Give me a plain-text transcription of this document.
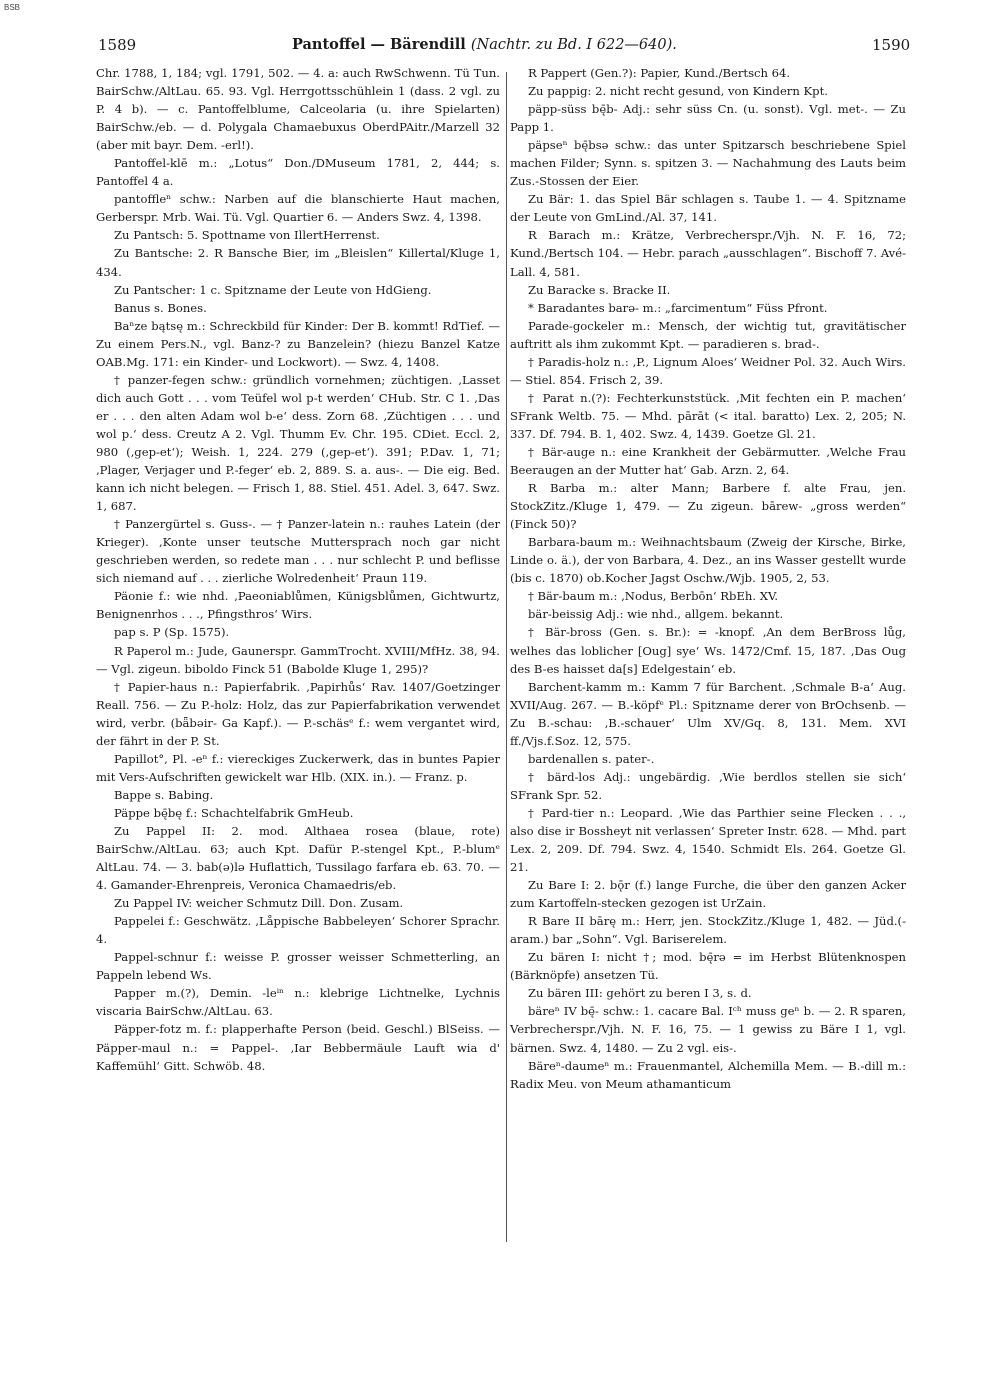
BSB
1589	Pantoffel — Bärendill (Nachtr. zu Bd. I 622—640).	1590

Chr. 1788, 1, 184; vgl. 1791, 502. — 4. a: auch RwSchwenn. Tü Tun. BairSchw./AltLau. 65. 93. Vgl. Herrgottsschühlein 1 (dass. 2 vgl. zu P. 4 b). — c. Pantoffelblume, Calceolaria (u. ihre Spielarten) BairSchw./eb. — d. Polygala Chamaebuxus OberdPAitr./Marzell 32 (aber mit bayr. Dem. -erl!).

Pantoffel-klē m.: „Lotus“ Don./DMuseum 1781, 2, 444; s. Pantoffel 4 a.

pantoffleⁿ schw.: Narben auf die blanschierte Haut machen, Gerberspr. Mrb. Wai. Tü. Vgl. Quartier 6. — Anders Swz. 4, 1398.

Zu Pantsch: 5. Spottname von IllertHerrenst.

Zu Bantsche: 2. R Bansche Bier, im „Bleislen“ Killertal/Kluge 1, 434.

Zu Pantscher: 1 c. Spitzname der Leute von HdGieng.

Banus s. Bones.

Baⁿze bątsę m.: Schreckbild für Kinder: Der B. kommt! RdTief. — Zu einem Pers.N., vgl. Banz-? zu Banzelein? (hiezu Banzel Katze OAB.Mg. 171: ein Kinder- und Lockwort). — Swz. 4, 1408.

† panzer-fegen schw.: gründlich vornehmen; züchtigen. ‚Lasset dich auch Gott . . . vom Teüfel wol p-t werden‘ CHub. Str. C 1. ‚Das er . . . den alten Adam wol b-e‘ dess. Zorn 68. ‚Züchtigen . . . und wol p.‘ dess. Creutz A 2. Vgl. Thumm Ev. Chr. 195. CDiet. Eccl. 2, 980 (‚gep-et‘); Weish. 1, 224. 279 (‚gep-et‘). 391; P.Dav. 1, 71; ‚Plager, Verjager und P.-feger‘ eb. 2, 889. S. a. aus-. — Die eig. Bed. kann ich nicht belegen. — Frisch 1, 88. Stiel. 451. Adel. 3, 647. Swz. 1, 687.

† Panzergürtel s. Guss-. — † Panzer-latein n.: rauhes Latein (der Krieger). ‚Konte unser teutsche Muttersprach noch gar nicht geschrieben werden, so redete man . . . nur schlecht P. und beflisse sich niemand auf . . . zierliche Wolredenheit‘ Praun 119.

Päonie f.: wie nhd. ‚Paeoniablůmen, Künigsblůmen, Gichtwurtz, Benignenrhos . . ., Pfingsthros‘ Wirs.

pap s. P (Sp. 1575).

R Paperol m.: Jude, Gaunerspr. GammTrocht. XVIII/MfHz. 38, 94. — Vgl. zigeun. biboldo Finck 51 (Babolde Kluge 1, 295)?

† Papier-haus n.: Papierfabrik. ‚Papirhůs‘ Rav. 1407/Goetzinger Reall. 756. — Zu P.-holz: Holz, das zur Papierfabrikation verwendet wird, verbr. (bǟbəir- Ga Kapf.). — P.-schäsᵉ f.: wem vergantet wird, der fährt in der P. St.

Papillot°, Pl. -eⁿ f.: viereckiges Zuckerwerk, das in buntes Papier mit Vers-Aufschriften gewickelt war Hlb. (XIX. in.). — Franz. p.

Bappe s. Babing.

Päppe bę̄bę f.: Schachtelfabrik GmHeub.

Zu Pappel II: 2. mod. Althaea rosea (blaue, rote) BairSchw./AltLau. 63; auch Kpt. Dafür P.-stengel Kpt., P.-blumᵉ AltLau. 74. — 3. bab(ə)lə Huflattich, Tussilago farfara eb. 63. 70. — 4. Gamander-Ehrenpreis, Veronica Chamaedris/eb.

Zu Pappel IV: weicher Schmutz Dill. Don. Zusam.

Pappelei f.: Geschwätz. ‚Låppische Babbeleyen‘ Schorer Sprachr. 4.

Pappel-schnur f.: weisse P. grosser weisser Schmetterling, an Pappeln lebend Ws.

Papper m.(?), Demin. -leⁱⁿ n.: klebrige Lichtnelke, Lychnis viscaria BairSchw./AltLau. 63.

Päpper-fotz m. f.: plapperhafte Person (beid. Geschl.) BlSeiss. — Päpper-maul n.: = Pappel-. ‚Iar Bebbermäule Lauft wia d' Kaffemühl‘ Gitt. Schwöb. 48.

R Pappert (Gen.?): Papier, Kund./Bertsch 64.

Zu pappig: 2. nicht recht gesund, von Kindern Kpt.

päpp-süss bę̄b- Adj.: sehr süss Cn. (u. sonst). Vgl. met-. — Zu Papp 1.

päpseⁿ bę̄bsə schw.: das unter Spitzarsch beschriebene Spiel machen Filder; Synn. s. spitzen 3. — Nachahmung des Lauts beim Zus.-Stossen der Eier.

Zu Bär: 1. das Spiel Bär schlagen s. Taube 1. — 4. Spitzname der Leute von GmLind./Al. 37, 141.

R Barach m.: Krätze, Verbrecherspr./Vjh. N. F. 16, 72; Kund./Bertsch 104. — Hebr. parach „ausschlagen“. Bischoff 7. Avé-Lall. 4, 581.

Zu Baracke s. Bracke II.

* Baradantes barə- m.: „farcimentum“ Füss Pfront.

Parade-gockeler m.: Mensch, der wichtig tut, gravitätischer auftritt als ihm zukommt Kpt. — paradieren s. brad-.

† Paradis-holz n.: ‚P., Lignum Aloes‘ Weidner Pol. 32. Auch Wirs. — Stiel. 854. Frisch 2, 39.

† Parat n.(?): Fechterkunststück. ‚Mit fechten ein P. machen‘ SFrank Weltb. 75. — Mhd. pārāt (< ital. baratto) Lex. 2, 205; N. 337. Df. 794. B. 1, 402. Swz. 4, 1439. Goetze Gl. 21.

† Bär-auge n.: eine Krankheit der Gebärmutter. ‚Welche Frau Beeraugen an der Mutter hat‘ Gab. Arzn. 2, 64.

R Barba m.: alter Mann; Barbere f. alte Frau, jen. StockZitz./Kluge 1, 479. — Zu zigeun. bārew- „gross werden“ (Finck 50)?

Barbara-baum m.: Weihnachtsbaum (Zweig der Kirsche, Birke, Linde o. ä.), der von Barbara, 4. Dez., an ins Wasser gestellt wurde (bis c. 1870) ob.Kocher Jagst Oschw./Wjb. 1905, 2, 53.

† Bär-baum m.: ‚Nodus, Berbōn‘ RbEh. XV.

bär-beissig Adj.: wie nhd., allgem. bekannt.

† Bär-bross (Gen. s. Br.): = -knopf. ‚An dem BerBross lůg, welhes das loblicher [Oug] sye‘ Ws. 1472/Cmf. 15, 187. ‚Das Oug des B-es haisset da[s] Edelgestain‘ eb.

Barchent-kamm m.: Kamm 7 für Barchent. ‚Schmale B-a‘ Aug. XVII/Aug. 267. — B.-köpfᵉ Pl.: Spitzname derer von BrOchsenb. — Zu B.-schau: ‚B.-schauer‘ Ulm XV/Gq. 8, 131. Mem. XVI ff./Vjs.f.Soz. 12, 575.

bardenallen s. pater-.

† bärd-los Adj.: ungebärdig. ‚Wie berdlos stellen sie sich‘ SFrank Spr. 52.

† Pard-tier n.: Leopard. ‚Wie das Parthier seine Flecken . . ., also dise ir Bossheyt nit verlassen‘ Spreter Instr. 628. — Mhd. part Lex. 2, 209. Df. 794. Swz. 4, 1540. Schmidt Els. 264. Goetze Gl. 21.

Zu Bare I: 2. bǭr (f.) lange Furche, die über den ganzen Acker zum Kartoffeln-stecken gezogen ist UrZain.

R Bare II bārę m.: Herr, jen. StockZitz./Kluge 1, 482. — Jüd.(-aram.) bar „Sohn“. Vgl. Bariserelem.

Zu bären I: nicht †; mod. bę̄rə = im Herbst Blütenknospen (Bärknöpfe) ansetzen Tü.

Zu bären III: gehört zu beren I 3, s. d.

bäreⁿ IV bę̄- schw.: 1. cacare Bal. Iᶜʰ muss geⁿ b. — 2. R sparen, Verbrecherspr./Vjh. N. F. 16, 75. — 1 gewiss zu Bäre I 1, vgl. bärnen. Swz. 4, 1480. — Zu 2 vgl. eis-.

Bäreⁿ-daumeⁿ m.: Frauenmantel, Alchemilla Mem. — B.-dill m.: Radix Meu. von Meum athamanticum
